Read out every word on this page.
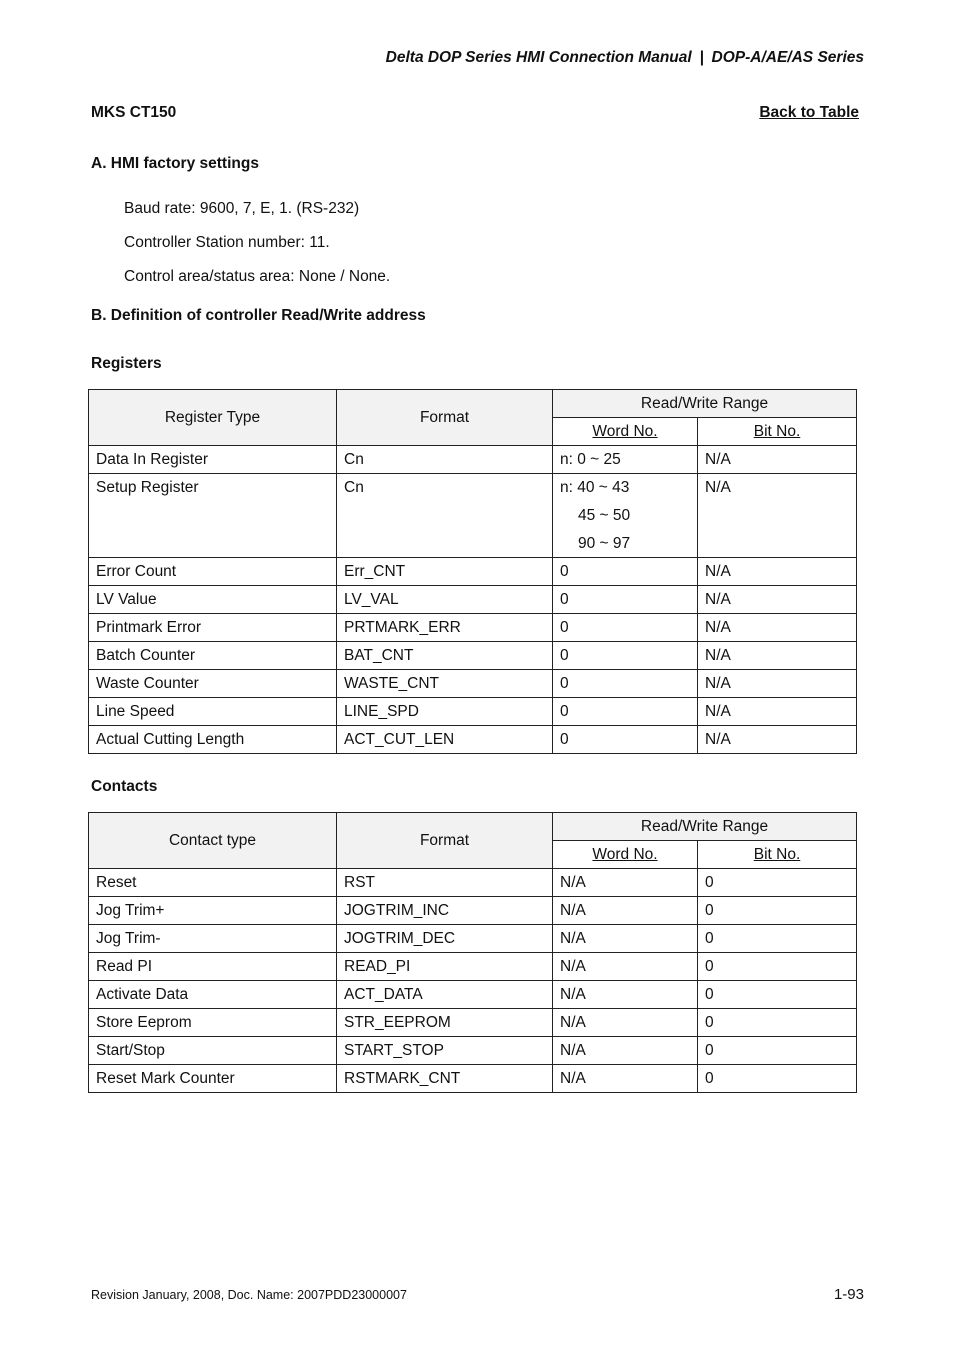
Delta DOP Series HMI Connection Manual | DOP-A/AE/AS Series
MKS CT150	Back to Table
A. HMI factory settings
Baud rate: 9600, 7, E, 1. (RS-232)
Controller Station number: 11.
Control area/status area: None / None.
B. Definition of controller Read/Write address
Registers
Register Type	Format	Read/Write Range	
		Word No.	Bit No.
Data In Register	Cn	n: 0 ~ 25	N/A
Setup Register	Cn	n: 40 ~ 43
45 ~ 50
90 ~ 97	N/A
Error Count	Err_CNT	0	N/A
LV Value	LV_VAL	0	N/A
Printmark Error	PRTMARK_ERR	0	N/A
Batch Counter	BAT_CNT	0	N/A
Waste Counter	WASTE_CNT	0	N/A
Line Speed	LINE_SPD	0	N/A
Actual Cutting Length	ACT_CUT_LEN	0	N/A
Contacts
Contact type	Format	Read/Write Range	
		Word No.	Bit No.
Reset	RST	N/A	0
Jog Trim+	JOGTRIM_INC	N/A	0
Jog Trim-	JOGTRIM_DEC	N/A	0
Read PI	READ_PI	N/A	0
Activate Data	ACT_DATA	N/A	0
Store Eeprom	STR_EEPROM	N/A	0
Start/Stop	START_STOP	N/A	0
Reset Mark Counter	RSTMARK_CNT	N/A	0
Revision January, 2008, Doc. Name: 2007PDD23000007	1-93
